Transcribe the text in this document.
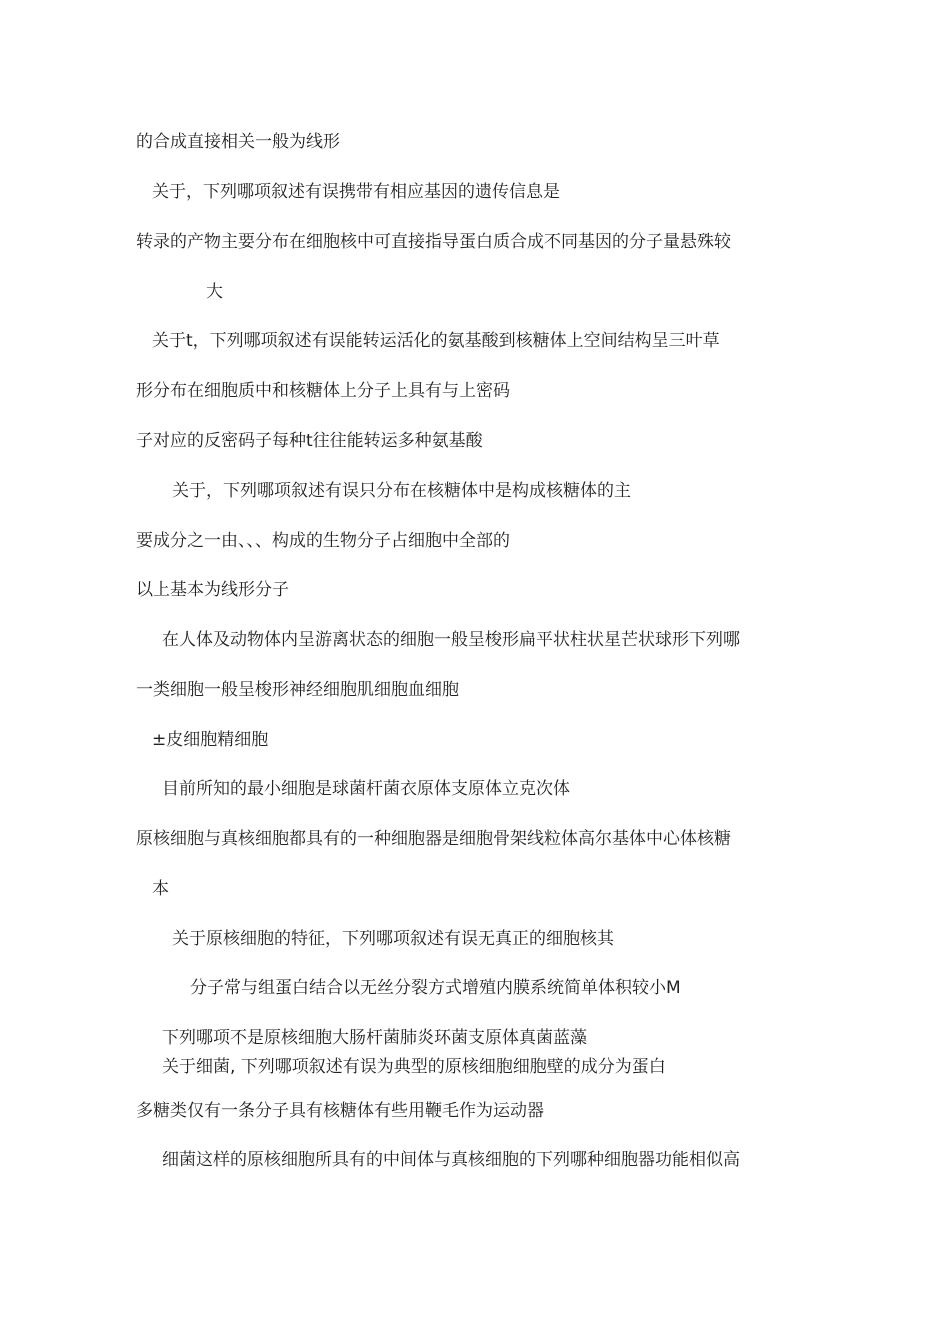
的合成直接相关一般为线形
关于，下列哪项叙述有误携带有相应基因的遗传信息是
转录的产物主要分布在细胞核中可直接指导蛋白质合成不同基因的分子量悬殊较
大
关于t，下列哪项叙述有误能转运活化的氨基酸到核糖体上空间结构呈三叶草
形分布在细胞质中和核糖体上分子上具有与上密码
子对应的反密码子每种t往往能转运多种氨基酸
关于，下列哪项叙述有误只分布在核糖体中是构成核糖体的主
要成分之一由、、、构成的生物分子占细胞中全部的
以上基本为线形分子
在人体及动物体内呈游离状态的细胞一般呈梭形扁平状柱状星芒状球形下列哪
一类细胞一般呈梭形神经细胞肌细胞血细胞
±皮细胞精细胞
目前所知的最小细胞是球菌杆菌衣原体支原体立克次体
原核细胞与真核细胞都具有的一种细胞器是细胞骨架线粒体高尔基体中心体核糖
本
关于原核细胞的特征，下列哪项叙述有误无真正的细胞核其
分子常与组蛋白结合以无丝分裂方式增殖内膜系统简单体积较小M
下列哪项不是原核细胞大肠杆菌肺炎环菌支原体真菌蓝藻
关于细菌, 下列哪项叙述有误为典型的原核细胞细胞壁的成分为蛋白
多糖类仅有一条分子具有核糖体有些用鞭毛作为运动器
细菌这样的原核细胞所具有的中间体与真核细胞的下列哪种细胞器功能相似高
